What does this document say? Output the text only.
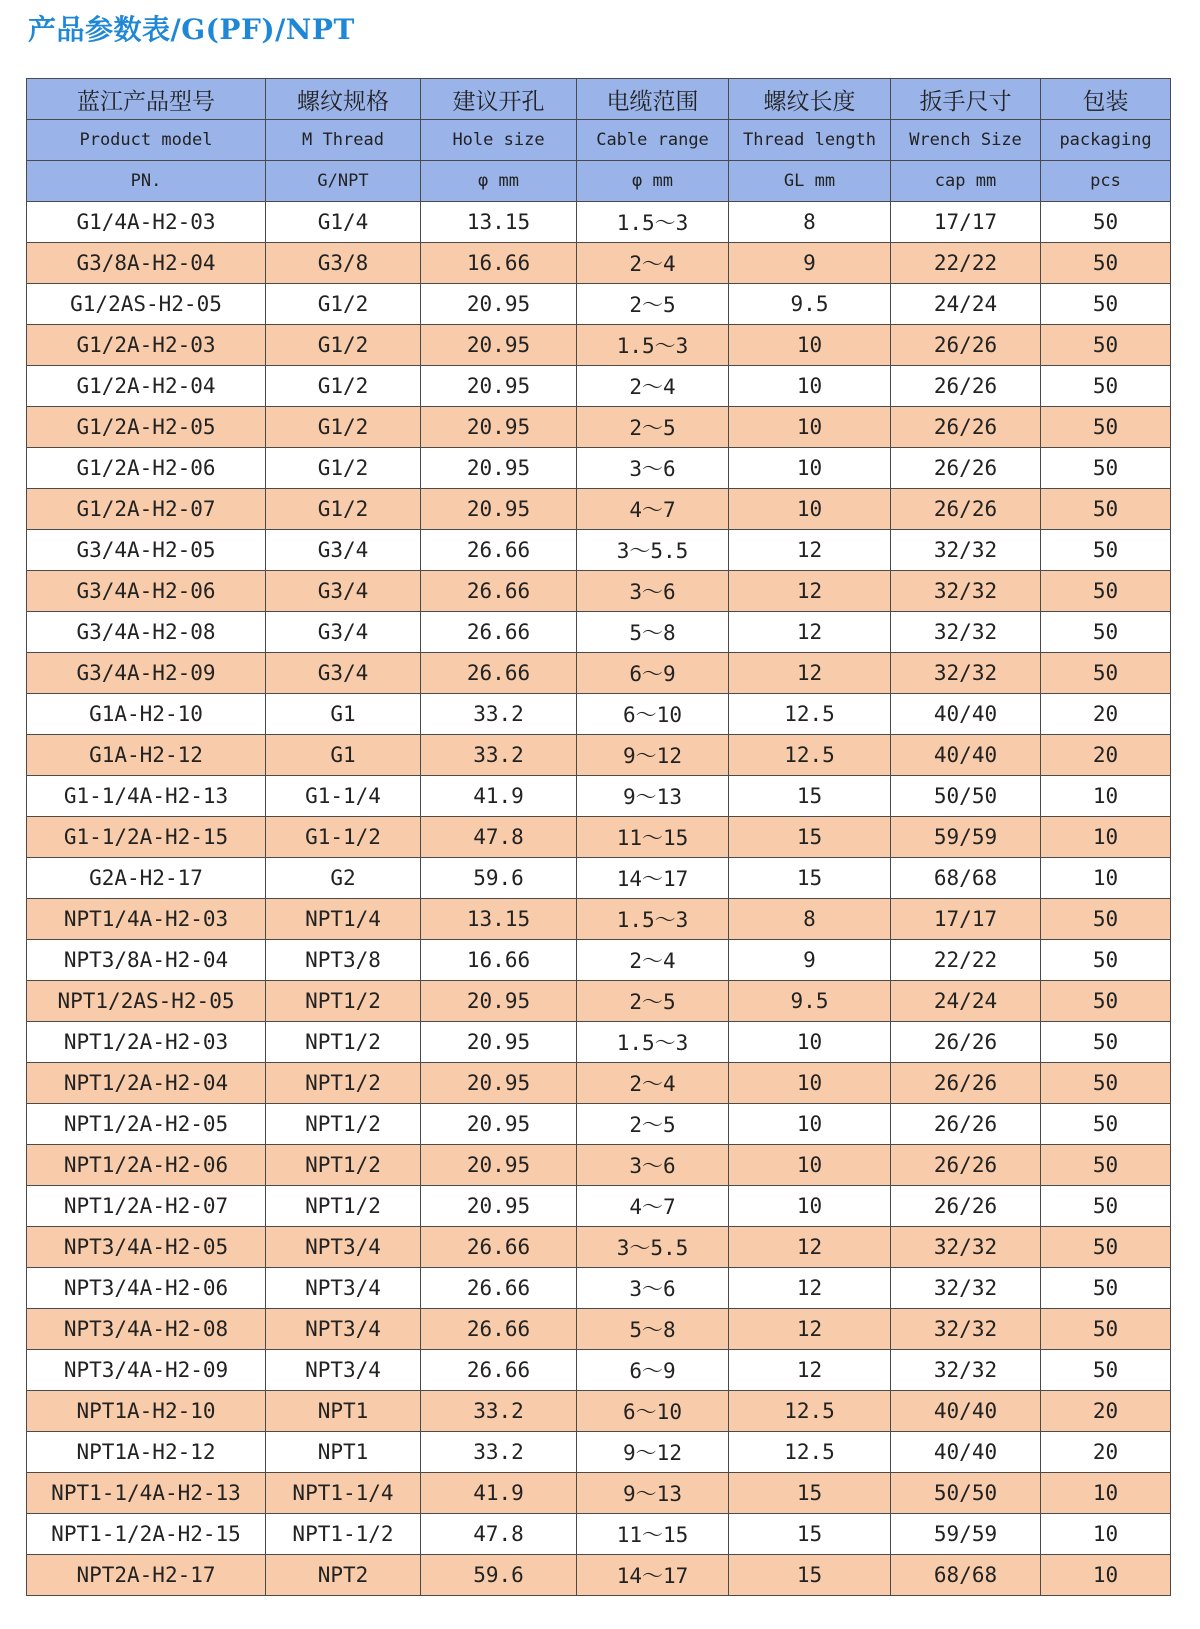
产品参数表/G(PF)/NPT
蓝江产品型号	螺纹规格	建议开孔	电缆范围	螺纹长度	扳手尺寸	包装
Product model	M Thread	Hole size	Cable range	Thread length	Wrench Size	packaging
PN.	G/NPT	φ mm	φ mm	GL mm	cap mm	pcs
G1/4A-H2-03	G1/4	13.15	1.5～3	8	17/17	50
G3/8A-H2-04	G3/8	16.66	2～4	9	22/22	50
G1/2AS-H2-05	G1/2	20.95	2～5	9.5	24/24	50
G1/2A-H2-03	G1/2	20.95	1.5～3	10	26/26	50
G1/2A-H2-04	G1/2	20.95	2～4	10	26/26	50
G1/2A-H2-05	G1/2	20.95	2～5	10	26/26	50
G1/2A-H2-06	G1/2	20.95	3～6	10	26/26	50
G1/2A-H2-07	G1/2	20.95	4～7	10	26/26	50
G3/4A-H2-05	G3/4	26.66	3～5.5	12	32/32	50
G3/4A-H2-06	G3/4	26.66	3～6	12	32/32	50
G3/4A-H2-08	G3/4	26.66	5～8	12	32/32	50
G3/4A-H2-09	G3/4	26.66	6～9	12	32/32	50
G1A-H2-10	G1	33.2	6～10	12.5	40/40	20
G1A-H2-12	G1	33.2	9～12	12.5	40/40	20
G1-1/4A-H2-13	G1-1/4	41.9	9～13	15	50/50	10
G1-1/2A-H2-15	G1-1/2	47.8	11～15	15	59/59	10
G2A-H2-17	G2	59.6	14～17	15	68/68	10
NPT1/4A-H2-03	NPT1/4	13.15	1.5～3	8	17/17	50
NPT3/8A-H2-04	NPT3/8	16.66	2～4	9	22/22	50
NPT1/2AS-H2-05	NPT1/2	20.95	2～5	9.5	24/24	50
NPT1/2A-H2-03	NPT1/2	20.95	1.5～3	10	26/26	50
NPT1/2A-H2-04	NPT1/2	20.95	2～4	10	26/26	50
NPT1/2A-H2-05	NPT1/2	20.95	2～5	10	26/26	50
NPT1/2A-H2-06	NPT1/2	20.95	3～6	10	26/26	50
NPT1/2A-H2-07	NPT1/2	20.95	4～7	10	26/26	50
NPT3/4A-H2-05	NPT3/4	26.66	3～5.5	12	32/32	50
NPT3/4A-H2-06	NPT3/4	26.66	3～6	12	32/32	50
NPT3/4A-H2-08	NPT3/4	26.66	5～8	12	32/32	50
NPT3/4A-H2-09	NPT3/4	26.66	6～9	12	32/32	50
NPT1A-H2-10	NPT1	33.2	6～10	12.5	40/40	20
NPT1A-H2-12	NPT1	33.2	9～12	12.5	40/40	20
NPT1-1/4A-H2-13	NPT1-1/4	41.9	9～13	15	50/50	10
NPT1-1/2A-H2-15	NPT1-1/2	47.8	11～15	15	59/59	10
NPT2A-H2-17	NPT2	59.6	14～17	15	68/68	10
